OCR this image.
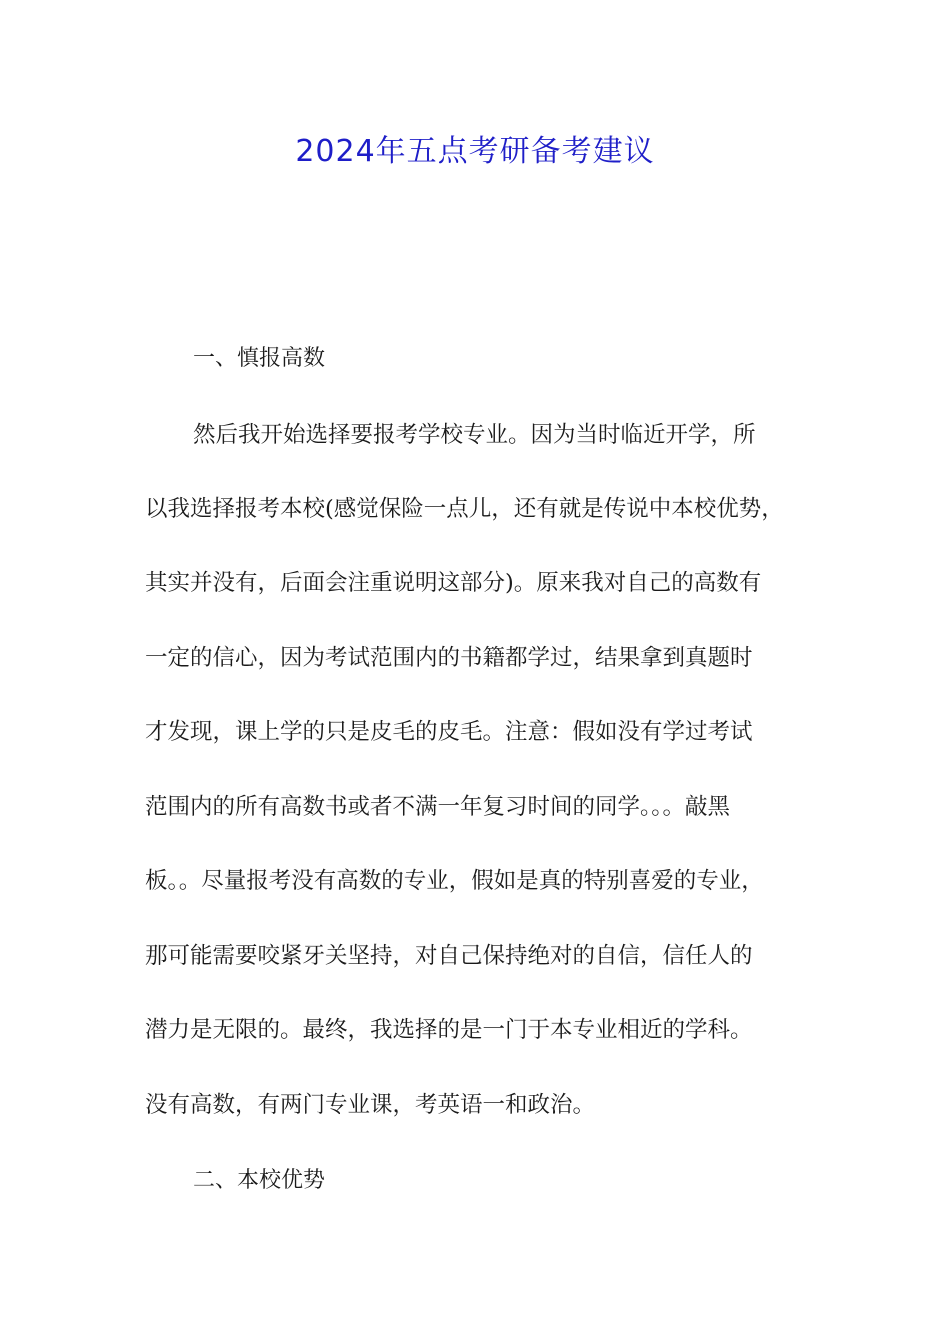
2024年五点考研备考建议
一、慎报高数

然后我开始选择要报考学校专业。因为当时临近开学，所

以我选择报考本校(感觉保险一点儿，还有就是传说中本校优势，

其实并没有，后面会注重说明这部分)。原来我对自己的高数有

一定的信心，因为考试范围内的书籍都学过，结果拿到真题时

才发现，课上学的只是皮毛的皮毛。注意：假如没有学过考试

范围内的所有高数书或者不满一年复习时间的同学。。。敲黑

板。。尽量报考没有高数的专业，假如是真的特别喜爱的专业，

那可能需要咬紧牙关坚持，对自己保持绝对的自信，信任人的

潜力是无限的。最终，我选择的是一门于本专业相近的学科。

没有高数，有两门专业课，考英语一和政治。

二、本校优势
